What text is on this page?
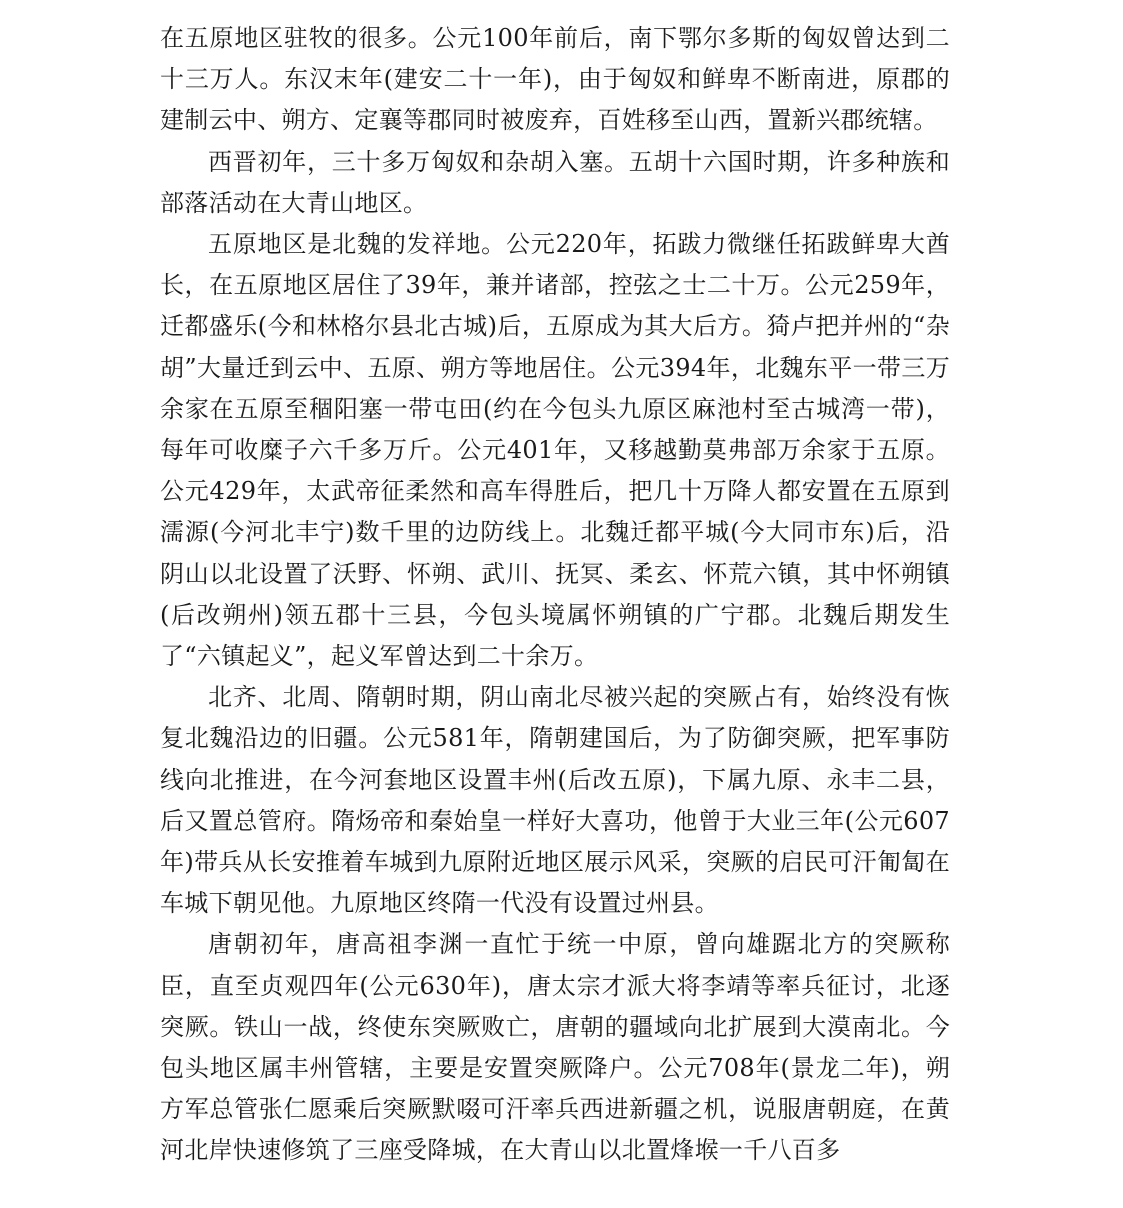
在五原地区驻牧的很多。公元100年前后，南下鄂尔多斯的匈奴曾达到二十三万人。东汉末年(建安二十一年)，由于匈奴和鲜卑不断南进，原郡的建制云中、朔方、定襄等郡同时被废弃，百姓移至山西，置新兴郡统辖。

西晋初年，三十多万匈奴和杂胡入塞。五胡十六国时期，许多种族和部落活动在大青山地区。

五原地区是北魏的发祥地。公元220年，拓跋力微继任拓跋鲜卑大酋长，在五原地区居住了39年，兼并诸部，控弦之士二十万。公元259年，迁都盛乐(今和林格尔县北古城)后，五原成为其大后方。猗卢把并州的“杂胡”大量迁到云中、五原、朔方等地居住。公元394年，北魏东平一带三万余家在五原至稒阳塞一带屯田(约在今包头九原区麻池村至古城湾一带)，每年可收糜子六千多万斤。公元401年，又移越勤莫弗部万余家于五原。公元429年，太武帝征柔然和高车得胜后，把几十万降人都安置在五原到濡源(今河北丰宁)数千里的边防线上。北魏迁都平城(今大同市东)后，沿阴山以北设置了沃野、怀朔、武川、抚冥、柔玄、怀荒六镇，其中怀朔镇(后改朔州)领五郡十三县，今包头境属怀朔镇的广宁郡。北魏后期发生了“六镇起义”，起义军曾达到二十余万。

北齐、北周、隋朝时期，阴山南北尽被兴起的突厥占有，始终没有恢复北魏沿边的旧疆。公元581年，隋朝建国后，为了防御突厥，把军事防线向北推进，在今河套地区设置丰州(后改五原)，下属九原、永丰二县，后又置总管府。隋炀帝和秦始皇一样好大喜功，他曾于大业三年(公元607年)带兵从长安推着车城到九原附近地区展示风采，突厥的启民可汗匍匐在车城下朝见他。九原地区终隋一代没有设置过州县。

唐朝初年，唐高祖李渊一直忙于统一中原，曾向雄踞北方的突厥称臣，直至贞观四年(公元630年)，唐太宗才派大将李靖等率兵征讨，北逐突厥。铁山一战，终使东突厥败亡，唐朝的疆域向北扩展到大漠南北。今包头地区属丰州管辖，主要是安置突厥降户。公元708年(景龙二年)，朔方军总管张仁愿乘后突厥默啜可汗率兵西进新疆之机，说服唐朝庭，在黄河北岸快速修筑了三座受降城，在大青山以北置烽堠一千八百多
